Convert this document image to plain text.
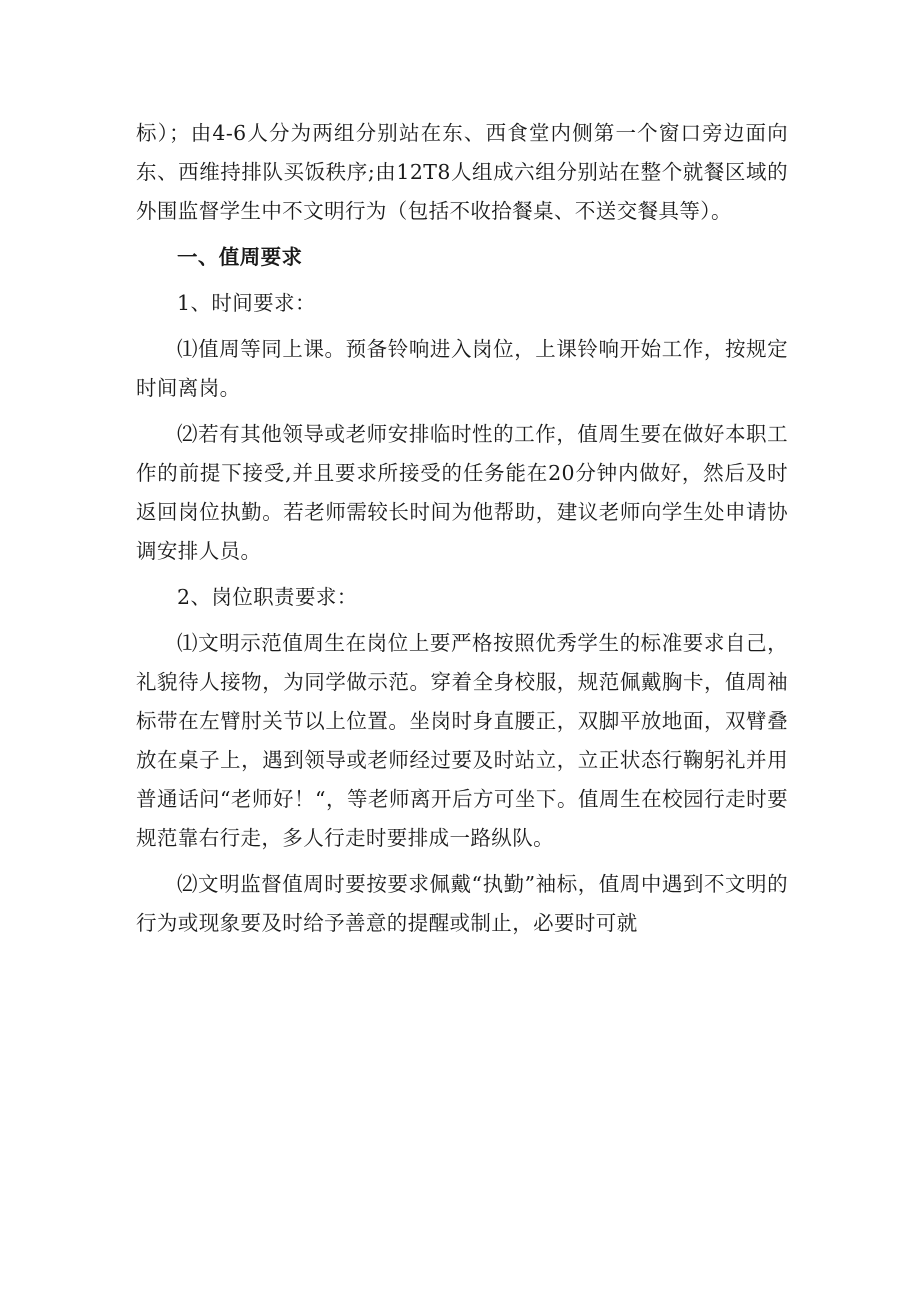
标）；由4-6人分为两组分别站在东、西食堂内侧第一个窗口旁边面向东、西维持排队买饭秩序;由12T8人组成六组分别站在整个就餐区域的外围监督学生中不文明行为（包括不收拾餐桌、不送交餐具等）。

一、值周要求

1、时间要求：

⑴值周等同上课。预备铃响进入岗位，上课铃响开始工作，按规定时间离岗。

⑵若有其他领导或老师安排临时性的工作，值周生要在做好本职工作的前提下接受,并且要求所接受的任务能在20分钟内做好，然后及时返回岗位执勤。若老师需较长时间为他帮助，建议老师向学生处申请协调安排人员。

2、岗位职责要求：

⑴文明示范值周生在岗位上要严格按照优秀学生的标准要求自己，礼貌待人接物，为同学做示范。穿着全身校服，规范佩戴胸卡，值周袖标带在左臂肘关节以上位置。坐岗时身直腰正，双脚平放地面，双臂叠放在桌子上，遇到领导或老师经过要及时站立，立正状态行鞠躬礼并用普通话问“老师好！“，等老师离开后方可坐下。值周生在校园行走时要规范靠右行走，多人行走时要排成一路纵队。

⑵文明监督值周时要按要求佩戴“执勤”袖标，值周中遇到不文明的行为或现象要及时给予善意的提醒或制止，必要时可就
